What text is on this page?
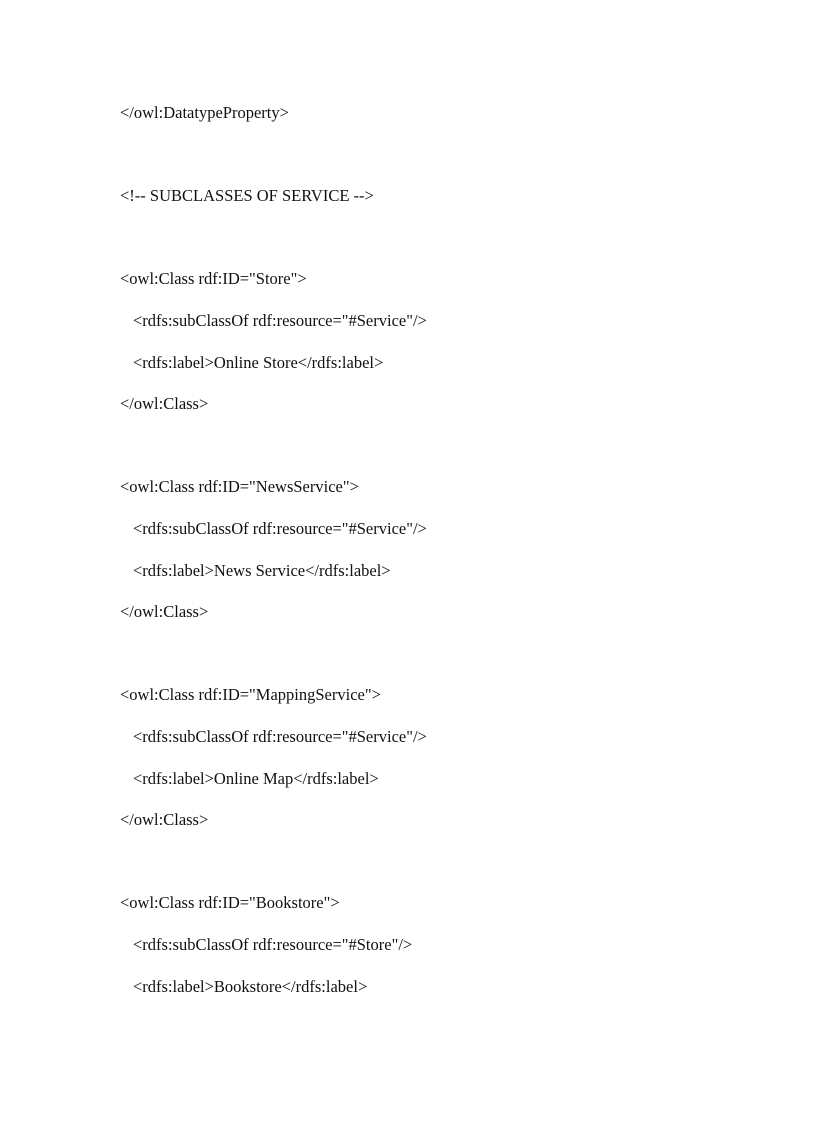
</owl:DatatypeProperty>

<!-- SUBCLASSES OF SERVICE -->

<owl:Class rdf:ID="Store">

<rdfs:subClassOf rdf:resource="#Service"/>

<rdfs:label>Online Store</rdfs:label>

</owl:Class>

<owl:Class rdf:ID="NewsService">

<rdfs:subClassOf rdf:resource="#Service"/>

<rdfs:label>News Service</rdfs:label>

</owl:Class>

<owl:Class rdf:ID="MappingService">

<rdfs:subClassOf rdf:resource="#Service"/>

<rdfs:label>Online Map</rdfs:label>

</owl:Class>

<owl:Class rdf:ID="Bookstore">

<rdfs:subClassOf rdf:resource="#Store"/>

<rdfs:label>Bookstore</rdfs:label>
